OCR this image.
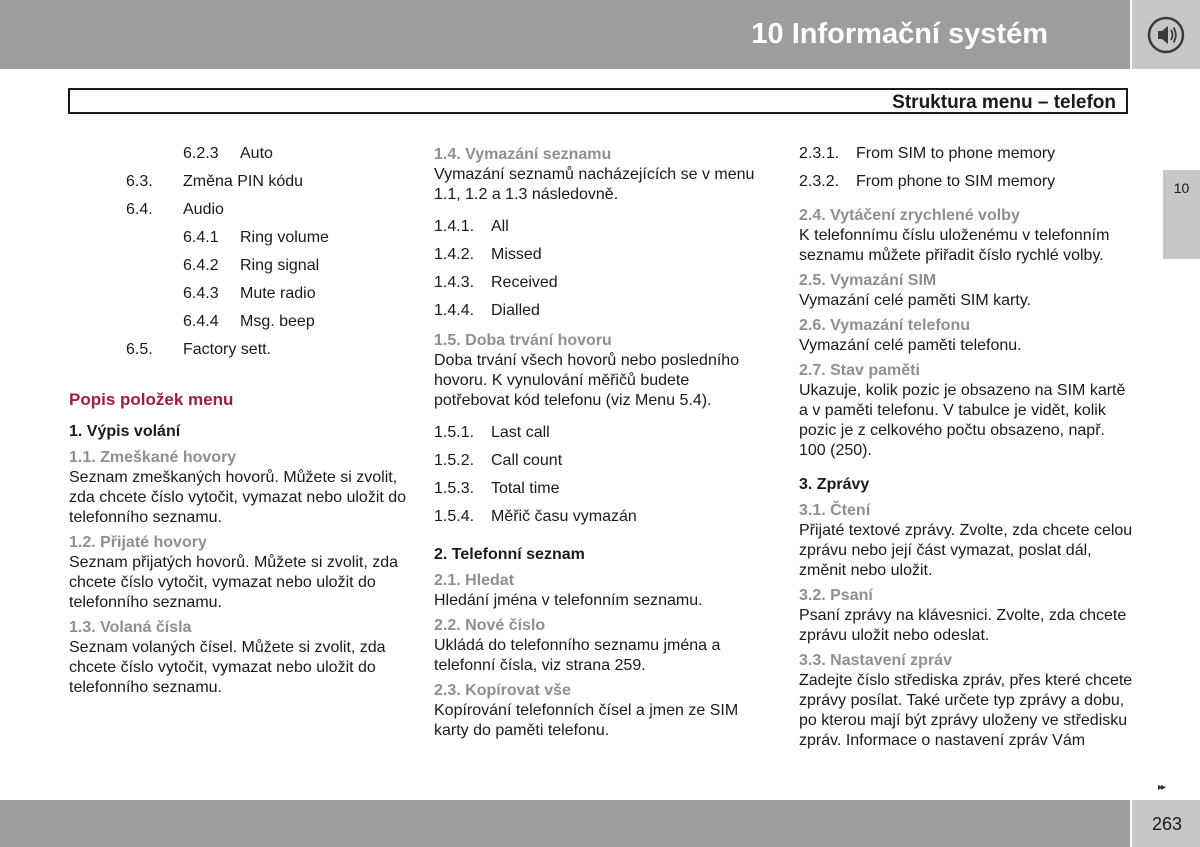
10 Informační systém
Struktura menu – telefon
10
6.2.3	Auto
6.3.	Změna PIN kódu
6.4.	Audio
6.4.1	Ring volume
6.4.2	Ring signal
6.4.3	Mute radio
6.4.4	Msg. beep
6.5.	Factory sett.
Popis položek menu
1. Výpis volání
1.1. Zmeškané hovory

Seznam zmeškaných hovorů. Můžete si zvolit, zda chcete číslo vytočit, vymazat nebo uložit do telefonního seznamu.

1.2. Přijaté hovory

Seznam přijatých hovorů. Můžete si zvolit, zda chcete číslo vytočit, vymazat nebo uložit do telefonního seznamu.

1.3. Volaná čísla

Seznam volaných čísel. Můžete si zvolit, zda chcete číslo vytočit, vymazat nebo uložit do telefonního seznamu.

1.4. Vymazání seznamu

Vymazání seznamů nacházejících se v menu 1.1, 1.2 a 1.3 následovně.

1.4.1.	All
1.4.2.	Missed
1.4.3.	Received
1.4.4.	Dialled
1.5. Doba trvání hovoru

Doba trvání všech hovorů nebo posledního hovoru. K vynulování měřičů budete potřebovat kód telefonu (viz Menu 5.4).

1.5.1.	Last call
1.5.2.	Call count
1.5.3.	Total time
1.5.4.	Měřič času vymazán
2. Telefonní seznam
2.1. Hledat

Hledání jména v telefonním seznamu.

2.2. Nové číslo

Ukládá do telefonního seznamu jména a telefonní čísla, viz strana 259.

2.3. Kopírovat vše

Kopírování telefonních čísel a jmen ze SIM karty do paměti telefonu.

2.3.1.	From SIM to phone memory
2.3.2.	From phone to SIM memory
2.4. Vytáčení zrychlené volby

K telefonnímu číslu uloženému v telefonním seznamu můžete přiřadit číslo rychlé volby.

2.5. Vymazání SIM

Vymazání celé paměti SIM karty.

2.6. Vymazání telefonu

Vymazání celé paměti telefonu.

2.7. Stav paměti

Ukazuje, kolik pozic je obsazeno na SIM kartě a v paměti telefonu. V tabulce je vidět, kolik pozic je z celkového počtu obsazeno, např. 100 (250).

3. Zprávy
3.1. Čtení

Přijaté textové zprávy. Zvolte, zda chcete celou zprávu nebo její část vymazat, poslat dál, změnit nebo uložit.

3.2. Psaní

Psaní zprávy na klávesnici. Zvolte, zda chcete zprávu uložit nebo odeslat.

3.3. Nastavení zpráv

Zadejte číslo střediska zpráv, přes které chcete zprávy posílat. Také určete typ zprávy a dobu, po kterou mají být zprávy uloženy ve středisku zpráv. Informace o nastavení zpráv Vám

▸▸
263
